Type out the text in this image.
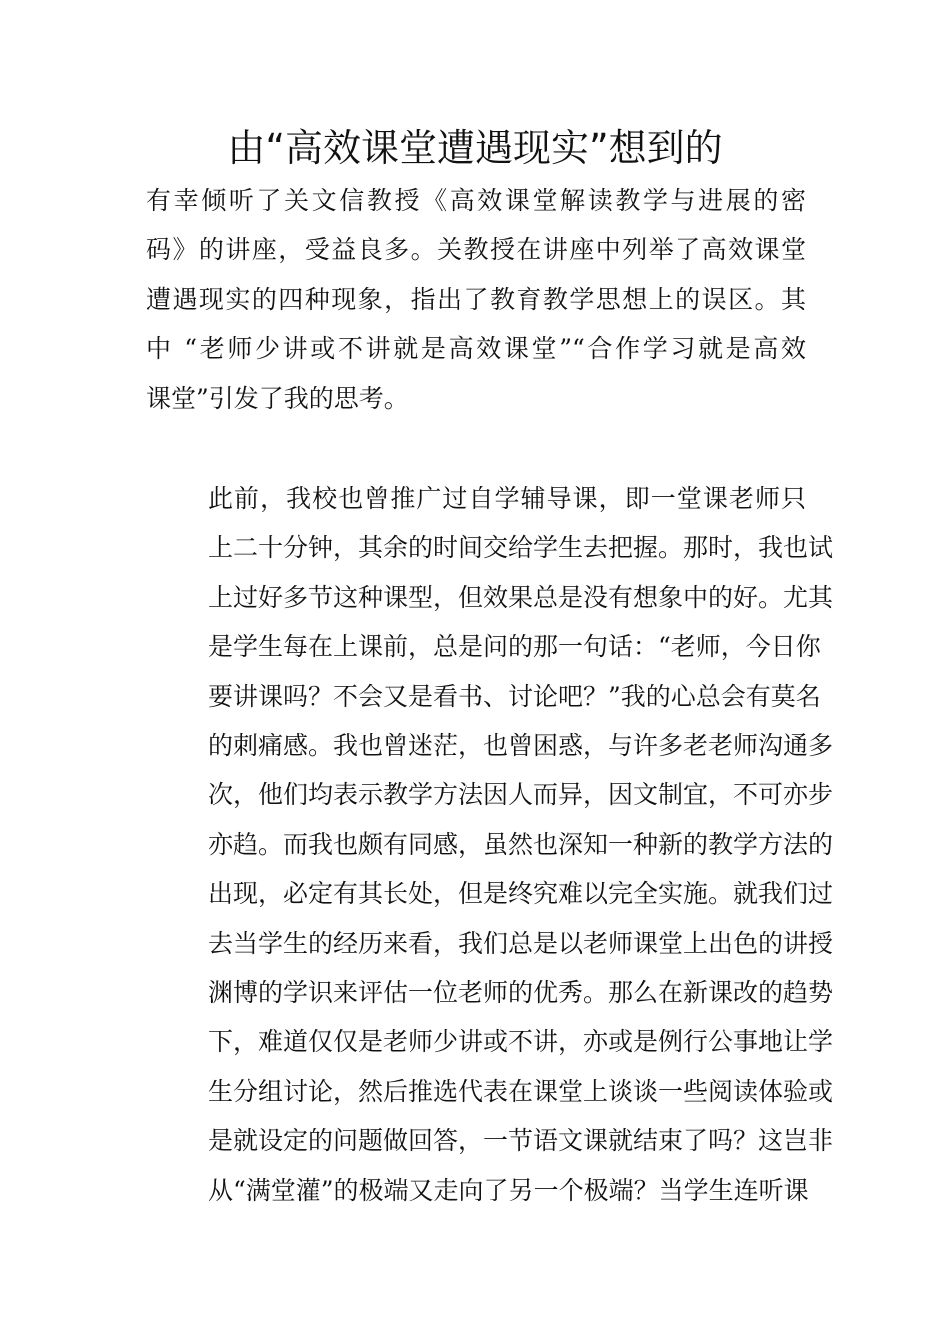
由“高效课堂遭遇现实”想到的
有幸倾听了关文信教授《高效课堂解读教学与进展的密
码》的讲座，受益良多。关教授在讲座中列举了高效课堂
遭遇现实的四种现象，指出了教育教学思想上的误区。其
中 “老师少讲或不讲就是高效课堂”“合作学习就是高效
课堂”引发了我的思考。
此前，我校也曾推广过自学辅导课，即一堂课老师只
上二十分钟，其余的时间交给学生去把握。那时，我也试
上过好多节这种课型，但效果总是没有想象中的好。尤其
是学生每在上课前，总是问的那一句话：“老师，今日你
要讲课吗？不会又是看书、讨论吧？”我的心总会有莫名
的刺痛感。我也曾迷茫，也曾困惑，与许多老老师沟通多
次，他们均表示教学方法因人而异，因文制宜，不可亦步
亦趋。而我也颇有同感，虽然也深知一种新的教学方法的
出现，必定有其长处，但是终究难以完全实施。就我们过
去当学生的经历来看，我们总是以老师课堂上出色的讲授
渊博的学识来评估一位老师的优秀。那么在新课改的趋势
下，难道仅仅是老师少讲或不讲，亦或是例行公事地让学
生分组讨论，然后推选代表在课堂上谈谈一些阅读体验或
是就设定的问题做回答，一节语文课就结束了吗？这岂非
从“满堂灌”的极端又走向了另一个极端？当学生连听课
